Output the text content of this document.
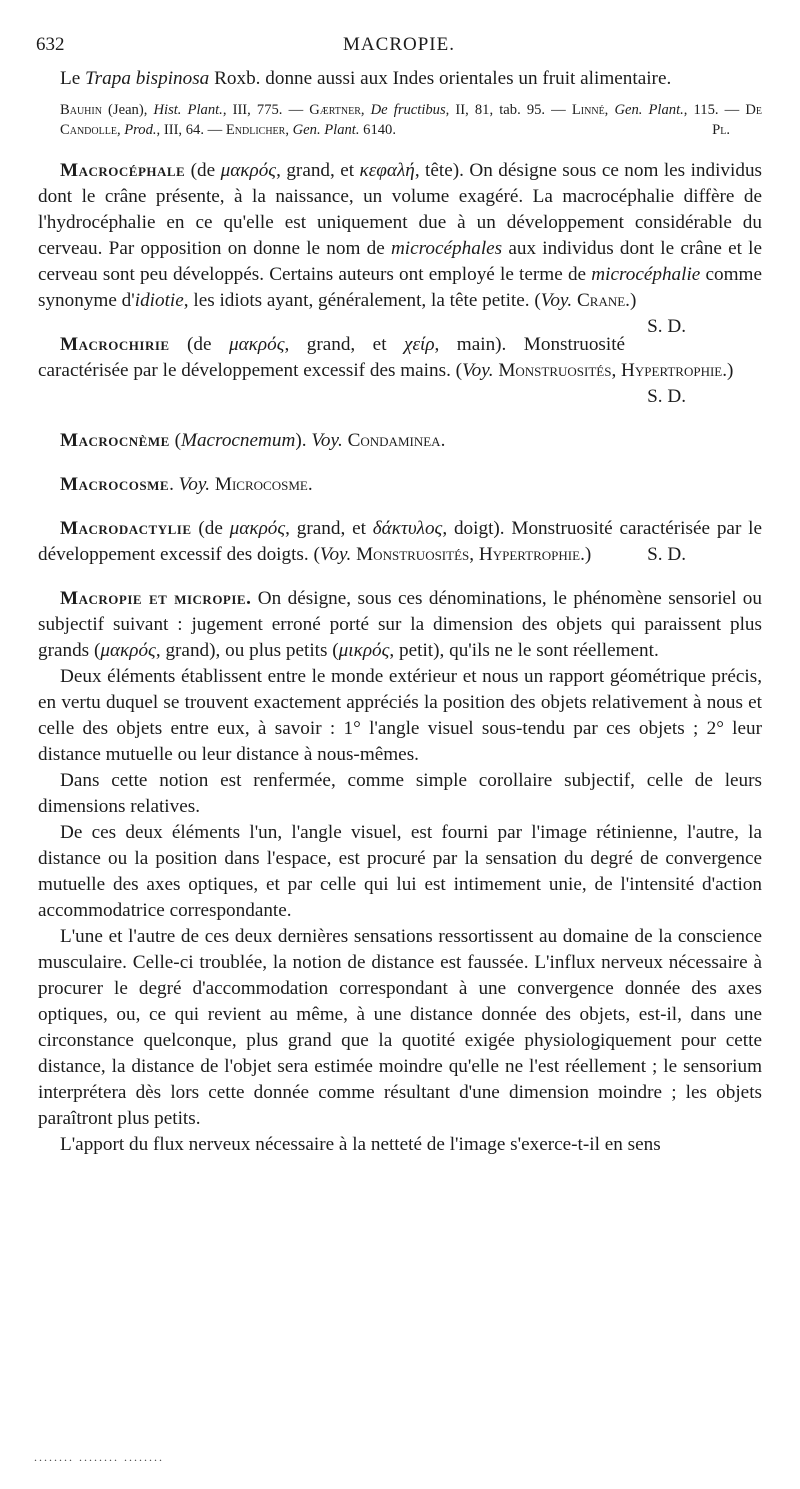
632	MACROPIE.

Le Trapa bispinosa Roxb. donne aussi aux Indes orientales un fruit alimentaire.

Bauhin (Jean), Hist. Plant., III, 775. — Gærtner, De fructibus, II, 81, tab. 95. — Linné, Gen. Plant., 115. — De Candolle, Prod., III, 64. — Endlicher, Gen. Plant. 6140.	Pl.

Macrocéphale (de μακρός, grand, et κεφαλή, tête). On désigne sous ce nom les individus dont le crâne présente, à la naissance, un volume exagéré. La macrocéphalie diffère de l'hydrocéphalie en ce qu'elle est uniquement due à un développement considérable du cerveau. Par opposition on donne le nom de microcéphales aux individus dont le crâne et le cerveau sont peu développés. Certains auteurs ont employé le terme de microcéphalie comme synonyme d'idiotie, les idiots ayant, généralement, la tête petite. (Voy. Crane.)
S. D.

Macrochirie (de μακρός, grand, et χείρ, main). Monstruosité caractérisée par le développement excessif des mains. (Voy. Monstruosités, Hypertrophie.)
S. D.

Macrocnème (Macrocnemum). Voy. Condaminea.

Macrocosme. Voy. Microcosme.

Macrodactylie (de μακρός, grand, et δάκτυλος, doigt). Monstruosité caractérisée par le développement excessif des doigts. (Voy. Monstruosités, Hypertrophie.)	S. D.

Macropie et micropie. On désigne, sous ces dénominations, le phénomène sensoriel ou subjectif suivant : jugement erroné porté sur la dimension des objets qui paraissent plus grands (μακρός, grand), ou plus petits (μικρός, petit), qu'ils ne le sont réellement.

Deux éléments établissent entre le monde extérieur et nous un rapport géométrique précis, en vertu duquel se trouvent exactement appréciés la position des objets relativement à nous et celle des objets entre eux, à savoir : 1° l'angle visuel sous-tendu par ces objets ; 2° leur distance mutuelle ou leur distance à nous-mêmes.

Dans cette notion est renfermée, comme simple corollaire subjectif, celle de leurs dimensions relatives.

De ces deux éléments l'un, l'angle visuel, est fourni par l'image rétinienne, l'autre, la distance ou la position dans l'espace, est procuré par la sensation du degré de convergence mutuelle des axes optiques, et par celle qui lui est intimement unie, de l'intensité d'action accommodatrice correspondante.

L'une et l'autre de ces deux dernières sensations ressortissent au domaine de la conscience musculaire. Celle-ci troublée, la notion de distance est faussée. L'influx nerveux nécessaire à procurer le degré d'accommodation correspondant à une convergence donnée des axes optiques, ou, ce qui revient au même, à une distance donnée des objets, est-il, dans une circonstance quelconque, plus grand que la quotité exigée physiologiquement pour cette distance, la distance de l'objet sera estimée moindre qu'elle ne l'est réellement ; le sensorium interprétera dès lors cette donnée comme résultant d'une dimension moindre ; les objets paraîtront plus petits.

L'apport du flux nerveux nécessaire à la netteté de l'image s'exerce-t-il en sens

........ ........ ........
